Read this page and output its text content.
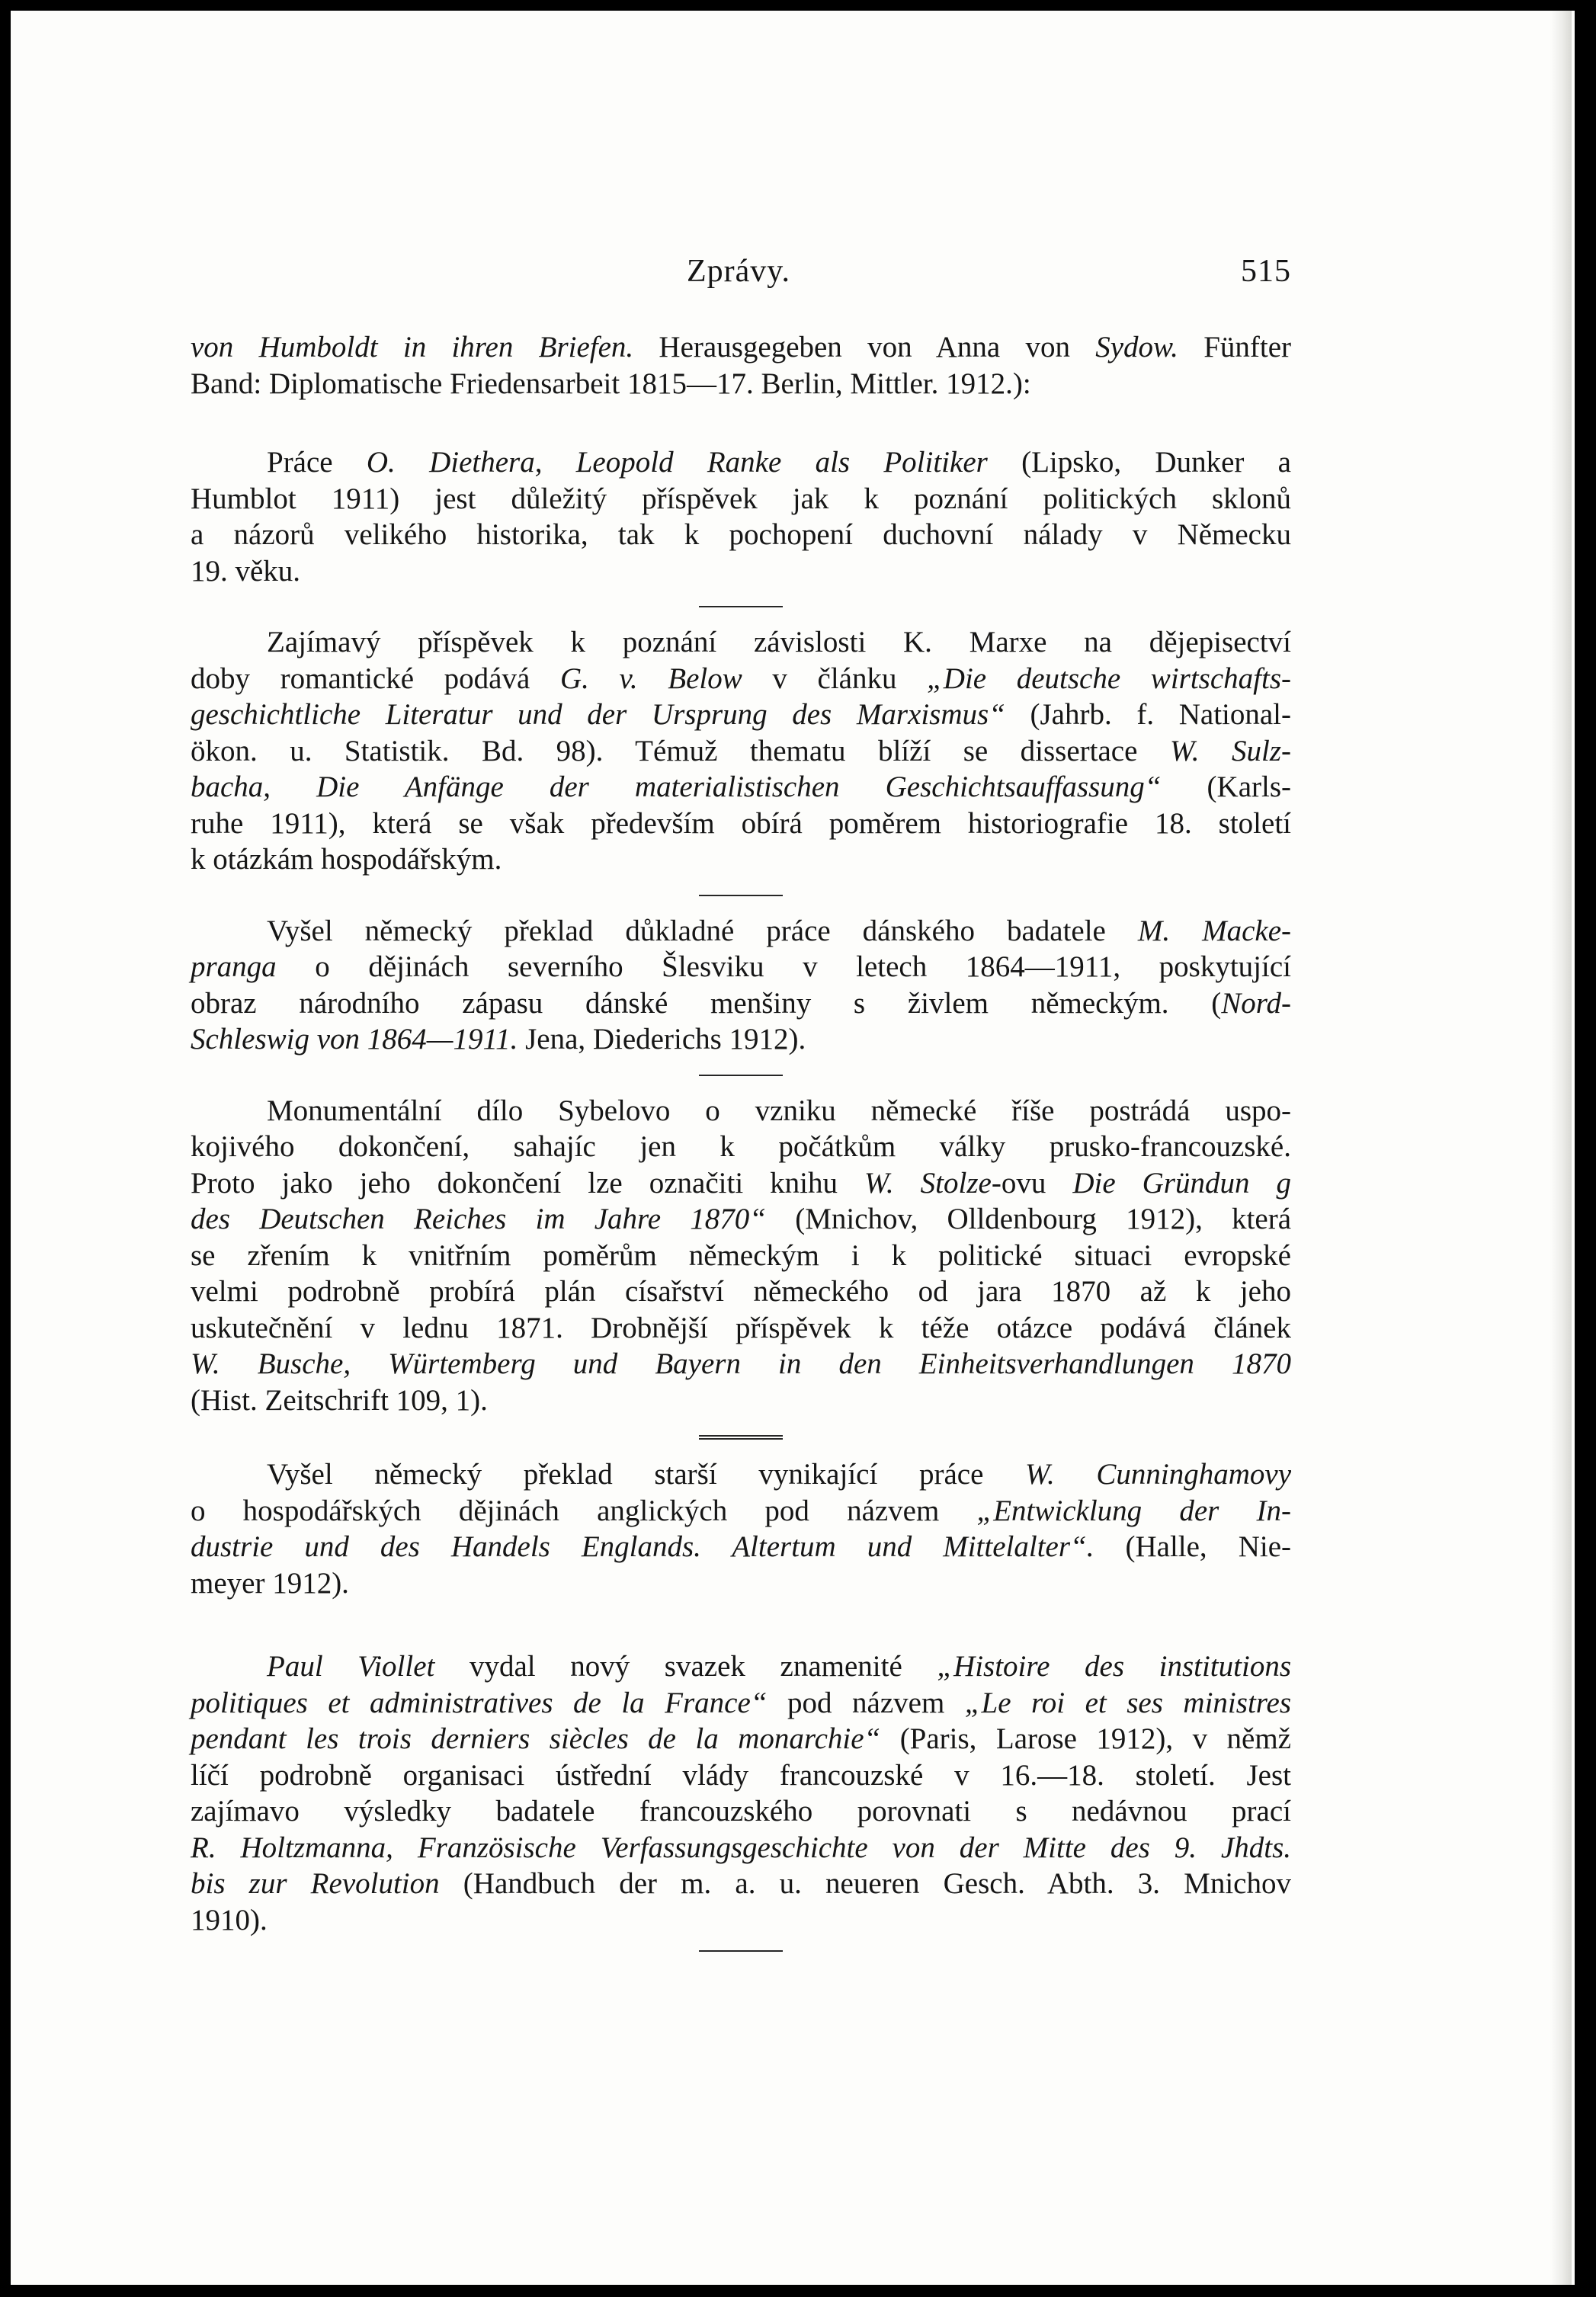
Zprávy.	515
von Humboldt in ihren Briefen. Herausgegeben von Anna von Sydow. Fünfter
Band: Diplomatische Friedensarbeit 1815—17. Berlin, Mittler. 1912.):
Práce O. Diethera, Leopold Ranke als Politiker (Lipsko, Dunker a
Humblot 1911) jest důležitý příspěvek jak k poznání politických sklonů
a názorů velikého historika, tak k pochopení duchovní nálady v Německu
19. věku.
Zajímavý příspěvek k poznání závislosti K. Marxe na dějepisectví
doby romantické podává G. v. Below v článku „Die deutsche wirtschafts-
geschichtliche Literatur und der Ursprung des Marxismus“ (Jahrb. f. National-
ökon. u. Statistik. Bd. 98). Témuž thematu blíží se dissertace W. Sulz-
bacha, Die Anfänge der materialistischen Geschichtsauffassung“ (Karls-
ruhe 1911), která se však především obírá poměrem historiografie 18. století
k otázkám hospodářským.
Vyšel německý překlad důkladné práce dánského badatele M. Macke-
pranga o dějinách severního Šlesviku v letech 1864—1911, poskytující
obraz národního zápasu dánské menšiny s živlem německým. (Nord-
Schleswig von 1864—1911. Jena, Diederichs 1912).
Monumentální dílo Sybelovo o vzniku německé říše postrádá uspo-
kojivého dokončení, sahajíc jen k počátkům války prusko-francouzské.
Proto jako jeho dokončení lze označiti knihu W. Stolze-ovu Die Gründun g
des Deutschen Reiches im Jahre 1870“ (Mnichov, Olldenbourg 1912), která
se zřením k vnitřním poměrům německým i k politické situaci evropské
velmi podrobně probírá plán císařství německého od jara 1870 až k jeho
uskutečnění v lednu 1871. Drobnější příspěvek k téže otázce podává článek
W. Busche, Würtemberg und Bayern in den Einheitsverhandlungen 1870
(Hist. Zeitschrift 109, 1).
Vyšel německý překlad starší vynikající práce W. Cunninghamovy
o hospodářských dějinách anglických pod názvem „Entwicklung der In-
dustrie und des Handels Englands. Altertum und Mittelalter“. (Halle, Nie-
meyer 1912).
Paul Viollet vydal nový svazek znamenité „Histoire des institutions
politiques et administratives de la France“ pod názvem „Le roi et ses ministres
pendant les trois derniers siècles de la monarchie“ (Paris, Larose 1912), v němž
líčí podrobně organisaci ústřední vlády francouzské v 16.—18. století. Jest
zajímavo výsledky badatele francouzského porovnati s nedávnou prací
R. Holtzmanna, Französische Verfassungsgeschichte von der Mitte des 9. Jhdts.
bis zur Revolution (Handbuch der m. a. u. neueren Gesch. Abth. 3. Mnichov
1910).
